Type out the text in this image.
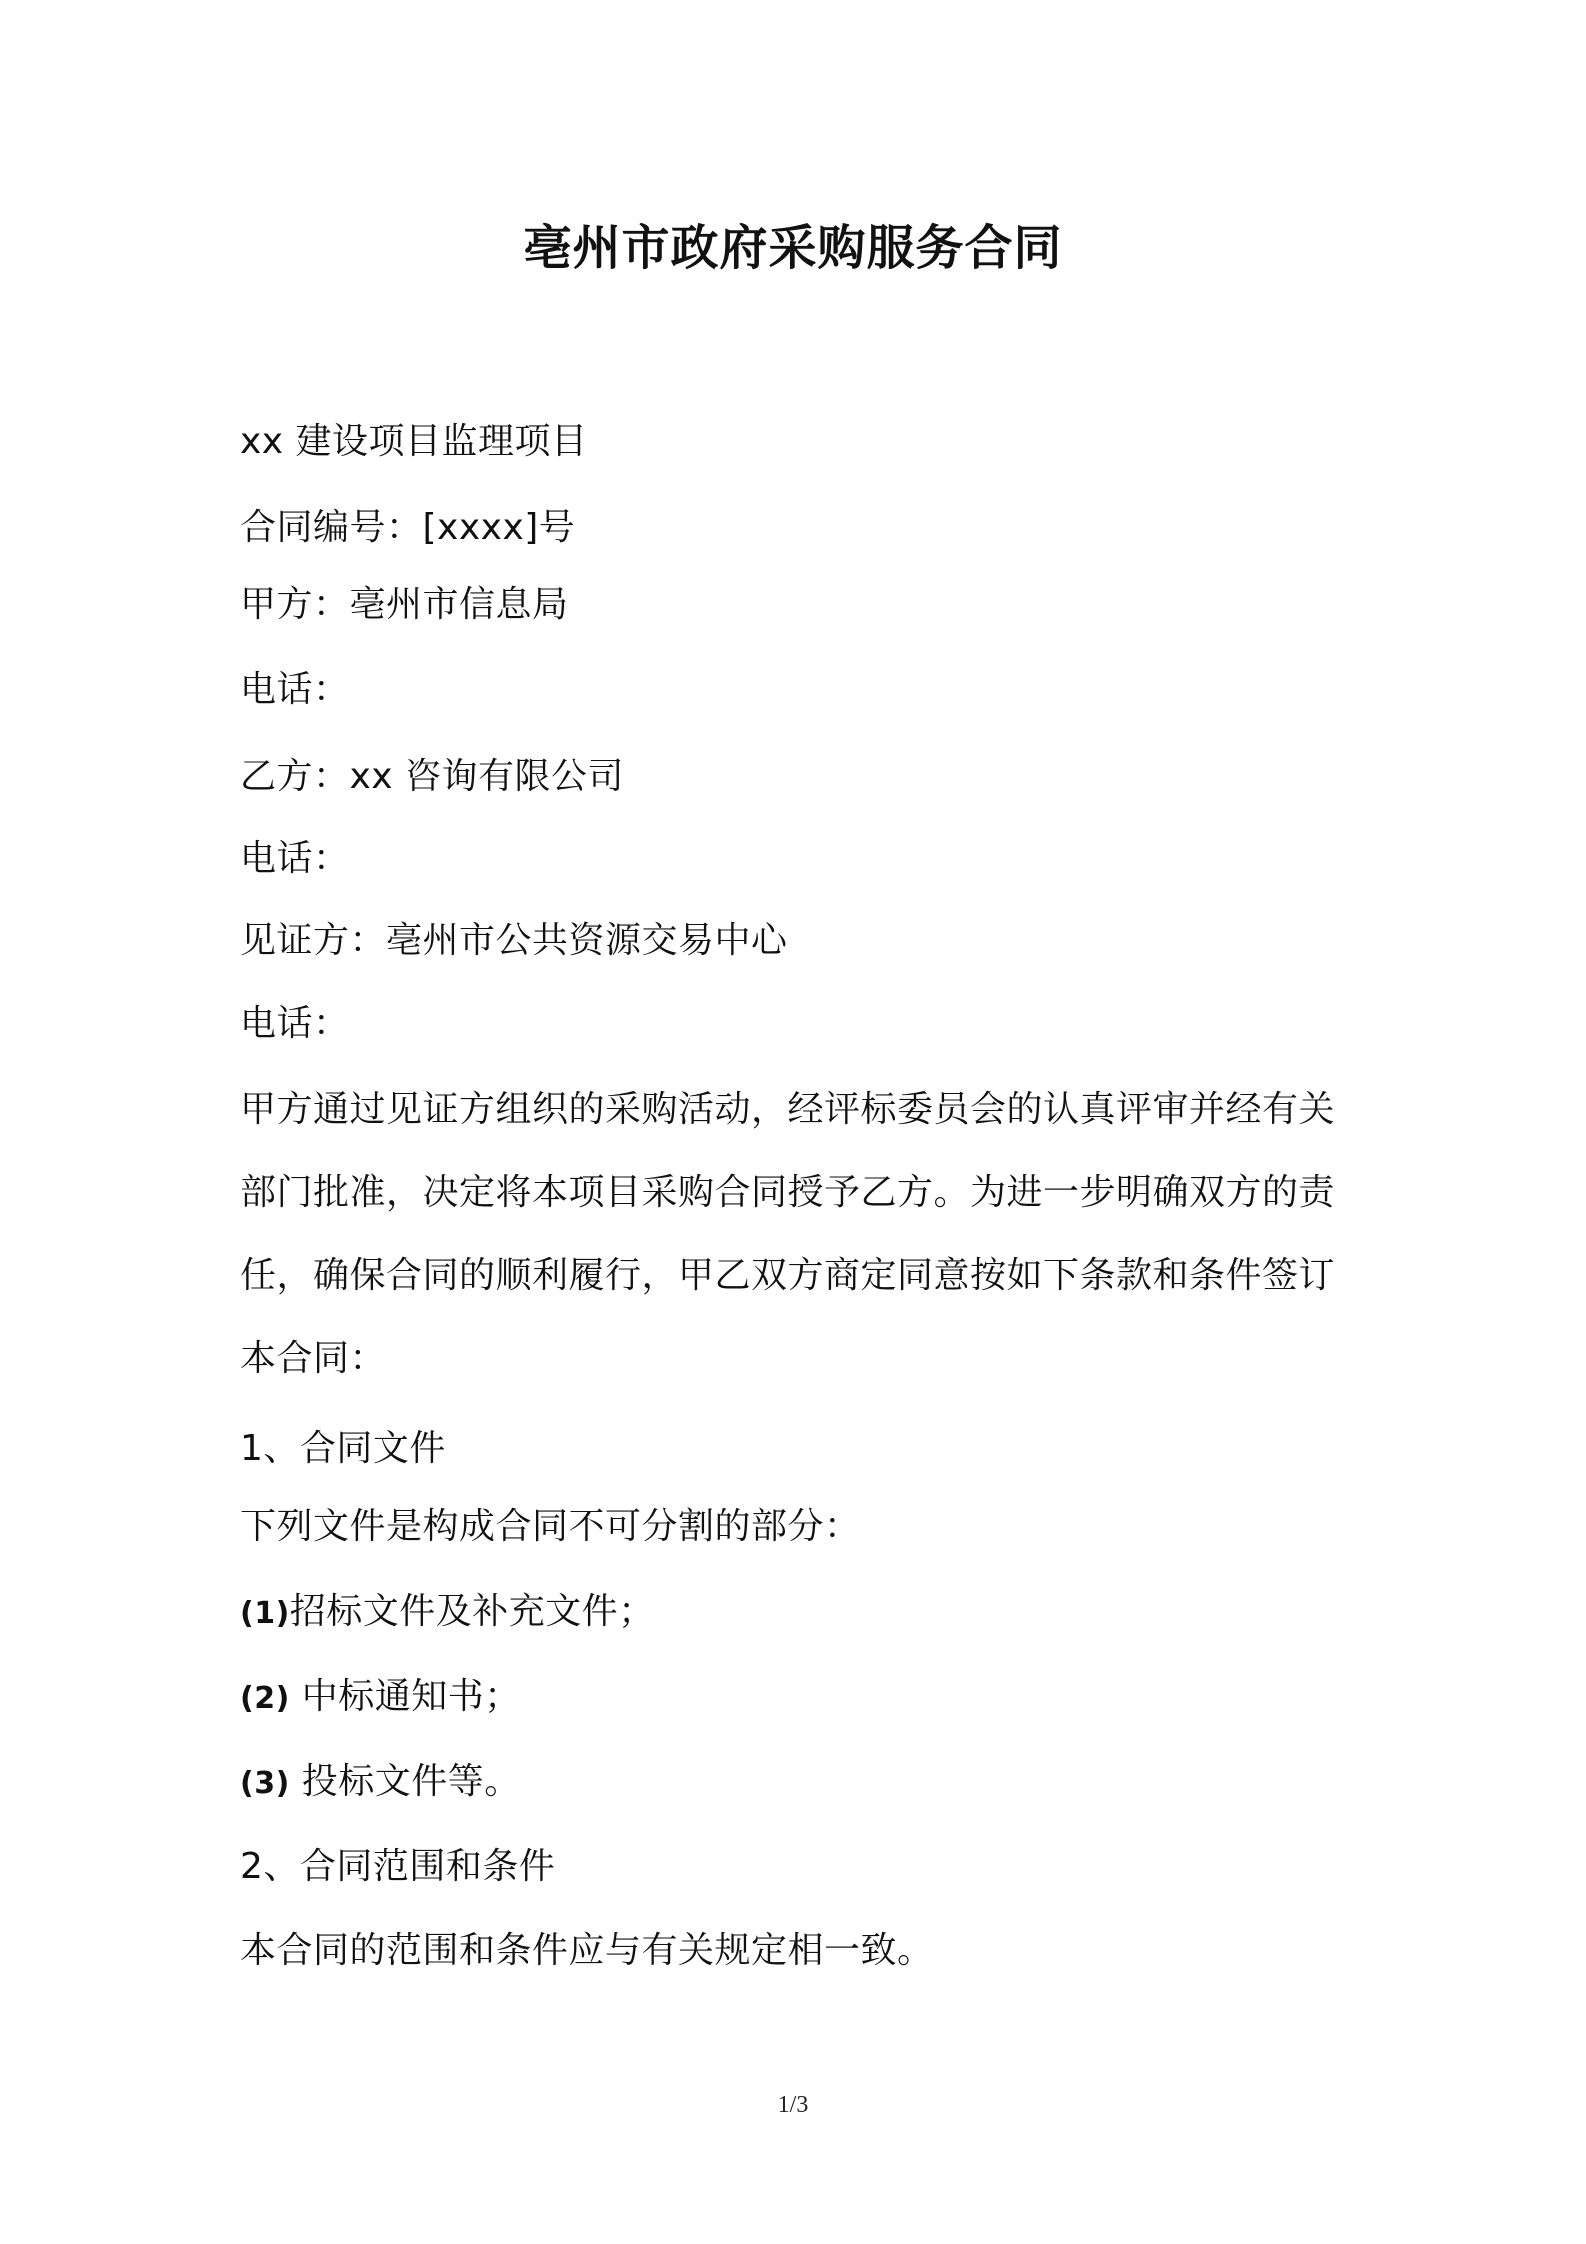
亳州市政府采购服务合同
xx 建设项目监理项目
合同编号：[xxxx]号
甲方：亳州市信息局
电话：
乙方：xx 咨询有限公司
电话：
见证方：亳州市公共资源交易中心
电话：
甲方通过见证方组织的采购活动，经评标委员会的认真评审并经有关
部门批准，决定将本项目采购合同授予乙方。为进一步明确双方的责
任，确保合同的顺利履行，甲乙双方商定同意按如下条款和条件签订
本合同：
1、合同文件
下列文件是构成合同不可分割的部分：
(1)招标文件及补充文件；
(2) 中标通知书；
(3) 投标文件等。
2、合同范围和条件
本合同的范围和条件应与有关规定相一致。
1/3
